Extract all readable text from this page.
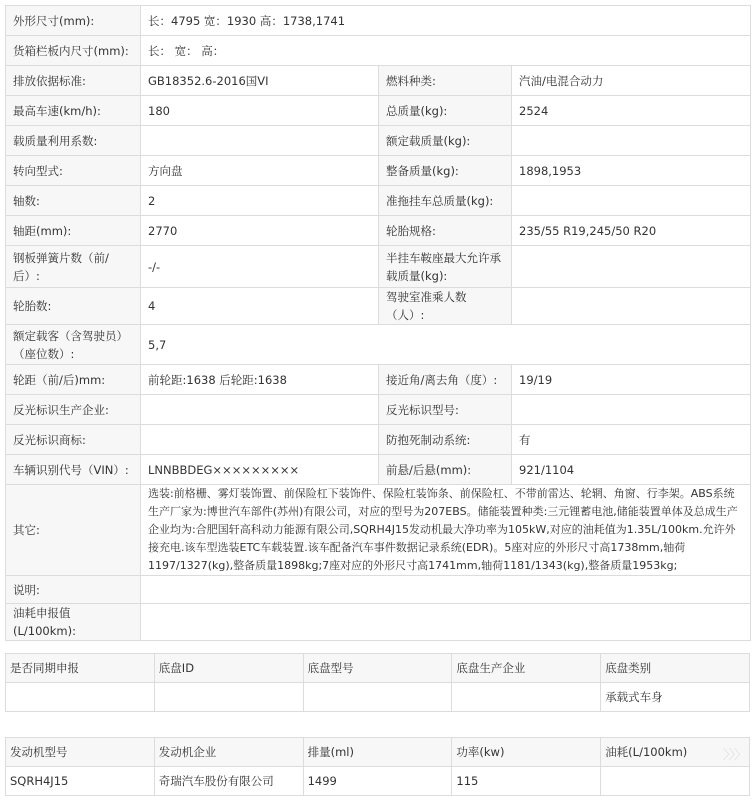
外形尺寸(mm):	长：4795 宽：1930 高：1738,1741		
货箱栏板内尺寸(mm):	长： 宽： 高：		
排放依据标准:	GB18352.6-2016国VI	燃料种类:	汽油/电混合动力
最高车速(km/h):	180	总质量(kg):	2524
载质量利用系数:		额定载质量(kg):	
转向型式:	方向盘	整备质量(kg):	1898,1953
轴数:	2	准拖挂车总质量(kg):	
轴距(mm):	2770	轮胎规格:	235/55 R19,245/50 R20
钢板弹簧片数（前/后）:	-/-	半挂车鞍座最大允许承载质量(kg):	
轮胎数:	4	驾驶室准乘人数（人）:	
额定载客（含驾驶员）（座位数）:	5,7		
轮距（前/后)mm:	前轮距:1638 后轮距:1638	接近角/离去角（度）:	19/19
反光标识生产企业:		反光标识型号:	
反光标识商标:		防抱死制动系统:	有
车辆识别代号（VIN）:	LNNBBDEG×××××××××	前悬/后悬(mm):	921/1104
其它:	选装:前格栅、雾灯装饰置、前保险杠下装饰件、保险杠装饰条、前保险杠、不带前雷达、轮辋、角窗、行李架。ABS系统生产厂家为:博世汽车部件(苏州)有限公司，对应的型号为207EBS。储能装置种类:三元锂蓄电池,储能装置单体及总成生产企业均为:合肥国轩高科动力能源有限公司,SQRH4J15发动机最大净功率为105kW,对应的油耗值为1.35L/100km.允许外接充电.该车型选装ETC车载装置.该车配备汽车事件数据记录系统(EDR)。5座对应的外形尺寸高1738mm,轴荷1197/1327(kg),整备质量1898kg;7座对应的外形尺寸高1741mm,轴荷1181/1343(kg),整备质量1953kg;		
说明:			
油耗申报值(L/100km):			
是否同期申报	底盘ID	底盘型号	底盘生产企业	底盘类别
				承载式车身
发动机型号	发动机企业	排量(ml)	功率(kw)	油耗(L/100km)
SQRH4J15	奇瑞汽车股份有限公司	1499	115	
〉〉〉
